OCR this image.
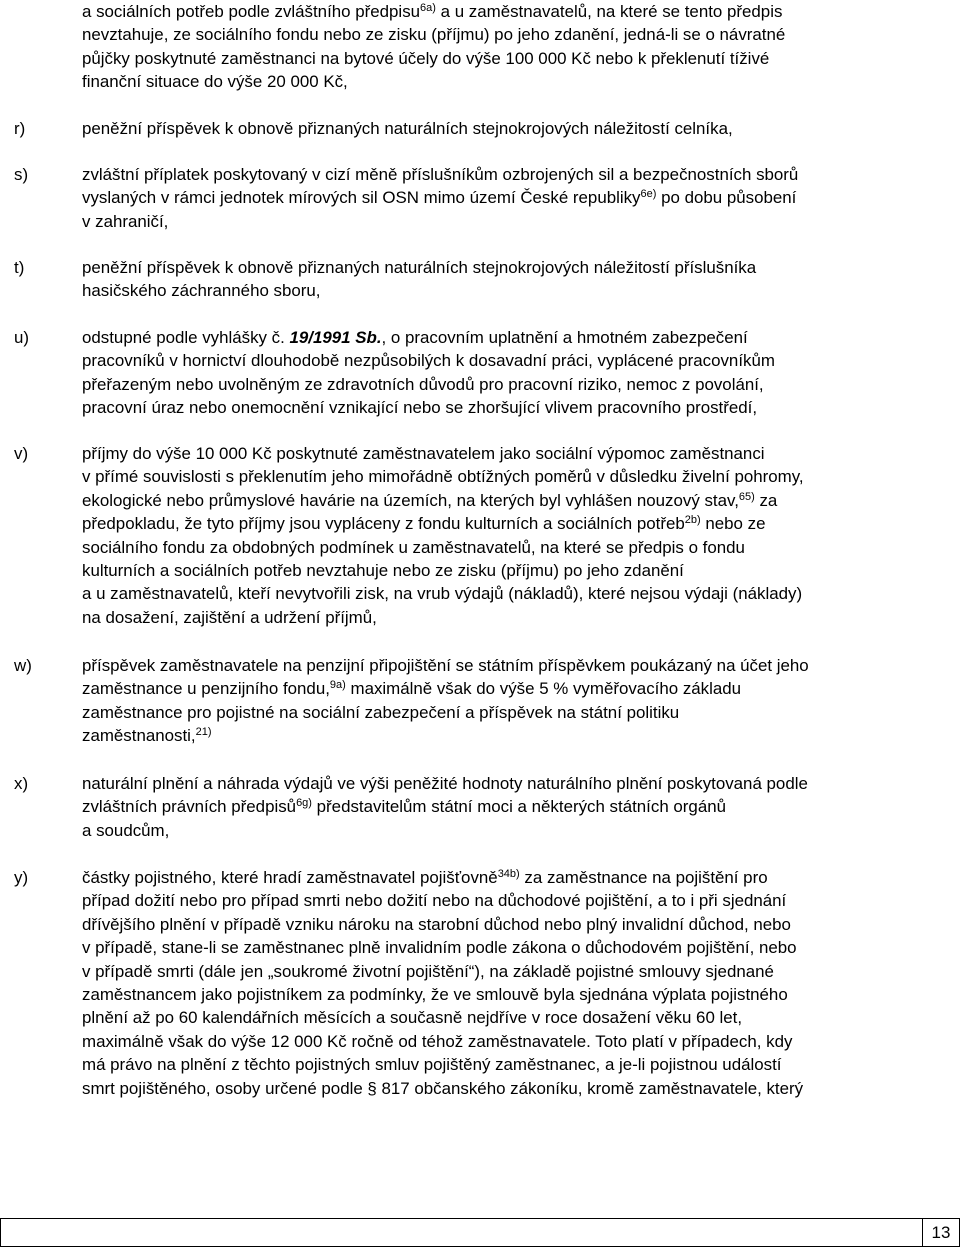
a sociálních potřeb podle zvláštního předpisu$^{6a)}$ a u zaměstnavatelů, na které se tento předpis
nevztahuje, ze sociálního fondu nebo ze zisku (příjmu) po jeho zdanění, jedná-li se o návratné
půjčky poskytnuté zaměstnanci na bytové účely do výše 100 000 Kč nebo k překlenutí tíživé
finanční situace do výše 20 000 Kč,
r)	peněžní příspěvek k obnově přiznaných naturálních stejnokrojových náležitostí celníka,
s)	zvláštní příplatek poskytovaný v cizí měně příslušníkům ozbrojených sil a bezpečnostních sborů
vyslaných v rámci jednotek mírových sil OSN mimo území České republiky$^{6e)}$ po dobu působení
v zahraničí,
t)	peněžní příspěvek k obnově přiznaných naturálních stejnokrojových náležitostí příslušníka
hasičského záchranného sboru,
u)	odstupné podle vyhlášky č. 19/1991 Sb., o pracovním uplatnění a hmotném zabezpečení
pracovníků v hornictví dlouhodobě nezpůsobilých k dosavadní práci, vyplácené pracovníkům
přeřazeným nebo uvolněným ze zdravotních důvodů pro pracovní riziko, nemoc z povolání,
pracovní úraz nebo onemocnění vznikající nebo se zhoršující vlivem pracovního prostředí,
v)	příjmy do výše 10 000 Kč poskytnuté zaměstnavatelem jako sociální výpomoc zaměstnanci
v přímé souvislosti s překlenutím jeho mimořádně obtížných poměrů v důsledku živelní pohromy,
ekologické nebo průmyslové havárie na územích, na kterých byl vyhlášen nouzový stav,$^{65)}$ za
předpokladu, že tyto příjmy jsou vypláceny z fondu kulturních a sociálních potřeb$^{2b)}$ nebo ze
sociálního fondu za obdobných podmínek u zaměstnavatelů, na které se předpis o fondu
kulturních a sociálních potřeb nevztahuje nebo ze zisku (příjmu) po jeho zdanění
a u zaměstnavatelů, kteří nevytvořili zisk, na vrub výdajů (nákladů), které nejsou výdaji (náklady)
na dosažení, zajištění a udržení příjmů,
w)	příspěvek zaměstnavatele na penzijní připojištění se státním příspěvkem poukázaný na účet jeho
zaměstnance u penzijního fondu,$^{9a)}$ maximálně však do výše 5 % vyměřovacího základu
zaměstnance pro pojistné na sociální zabezpečení a příspěvek na státní politiku
zaměstnanosti,$^{21)}$
x)	naturální plnění a náhrada výdajů ve výši peněžité hodnoty naturálního plnění poskytovaná podle
zvláštních právních předpisů$^{6g)}$ představitelům státní moci a některých státních orgánů
a soudcům,
y)	částky pojistného, které hradí zaměstnavatel pojišťovně$^{34b)}$ za zaměstnance na pojištění pro
případ dožití nebo pro případ smrti nebo dožití nebo na důchodové pojištění, a to i při sjednání
dřívějšího plnění v případě vzniku nároku na starobní důchod nebo plný invalidní důchod, nebo
v případě, stane-li se zaměstnanec plně invalidním podle zákona o důchodovém pojištění, nebo
v případě smrti (dále jen „soukromé životní pojištění“), na základě pojistné smlouvy sjednané
zaměstnancem jako pojistníkem za podmínky, že ve smlouvě byla sjednána výplata pojistného
plnění až po 60 kalendářních měsících a současně nejdříve v roce dosažení věku 60 let,
maximálně však do výše 12 000 Kč ročně od téhož zaměstnavatele. Toto platí v případech, kdy
má právo na plnění z těchto pojistných smluv pojištěný zaměstnanec, a je-li pojistnou událostí
smrt pojištěného, osoby určené podle § 817 občanského zákoníku, kromě zaměstnavatele, který
13
